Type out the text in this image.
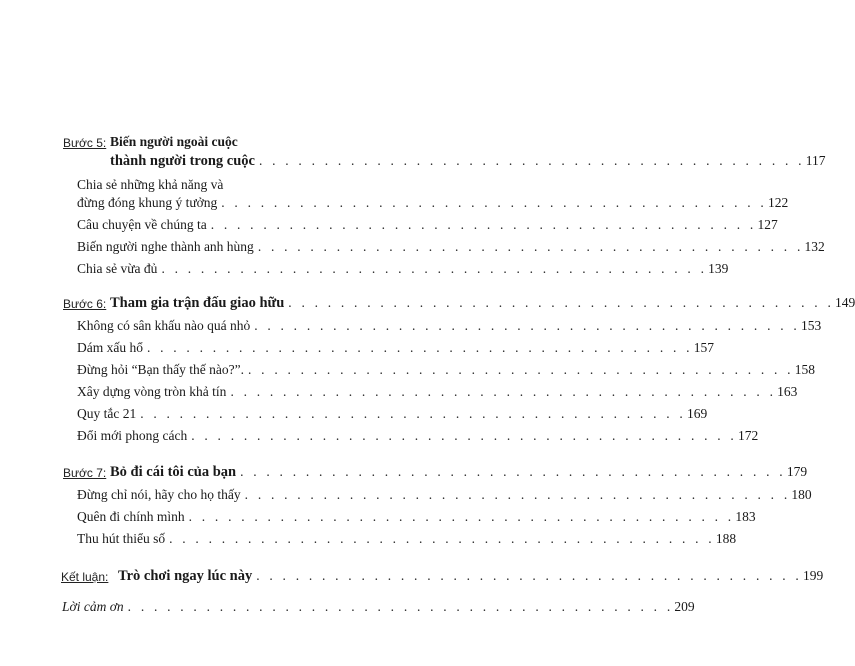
Bước 5: Biến người ngoài cuộc
thành người trong cuộc . . . . . . . . . . . . . . . . . . . . . . . . . . . . . . . . . . . . . . . . . . 117
Chia sẻ những khả năng và
đừng đóng khung ý tưởng . . . . . . . . . . . . . . . . . . . . . . . . . . . . . . . . . . . . . . . . . . 122
Câu chuyện về chúng ta . . . . . . . . . . . . . . . . . . . . . . . . . . . . . . . . . . . . . . . . . . 127
Biến người nghe thành anh hùng . . . . . . . . . . . . . . . . . . . . . . . . . . . . . . . . . . . . . . . . . . 132
Chia sẻ vừa đủ . . . . . . . . . . . . . . . . . . . . . . . . . . . . . . . . . . . . . . . . . . 139
Bước 6: Tham gia trận đấu giao hữu . . . . . . . . . . . . . . . . . . . . . . . . . . . . . . . . . . . . . . . . . . 149
Không có sân khấu nào quá nhỏ . . . . . . . . . . . . . . . . . . . . . . . . . . . . . . . . . . . . . . . . . . 153
Dám xấu hổ . . . . . . . . . . . . . . . . . . . . . . . . . . . . . . . . . . . . . . . . . . 157
Đừng hỏi “Bạn thấy thế nào?”. . . . . . . . . . . . . . . . . . . . . . . . . . . . . . . . . . . . . . . . . . . 158
Xây dựng vòng tròn khả tín . . . . . . . . . . . . . . . . . . . . . . . . . . . . . . . . . . . . . . . . . . 163
Quy tắc 21 . . . . . . . . . . . . . . . . . . . . . . . . . . . . . . . . . . . . . . . . . . 169
Đổi mới phong cách . . . . . . . . . . . . . . . . . . . . . . . . . . . . . . . . . . . . . . . . . . 172
Bước 7: Bỏ đi cái tôi của bạn . . . . . . . . . . . . . . . . . . . . . . . . . . . . . . . . . . . . . . . . . . 179
Đừng chỉ nói, hãy cho họ thấy . . . . . . . . . . . . . . . . . . . . . . . . . . . . . . . . . . . . . . . . . . 180
Quên đi chính mình . . . . . . . . . . . . . . . . . . . . . . . . . . . . . . . . . . . . . . . . . . 183
Thu hút thiểu số . . . . . . . . . . . . . . . . . . . . . . . . . . . . . . . . . . . . . . . . . . 188
Kết luận: Trò chơi ngay lúc này . . . . . . . . . . . . . . . . . . . . . . . . . . . . . . . . . . . . . . . . . . 199
Lời cảm ơn . . . . . . . . . . . . . . . . . . . . . . . . . . . . . . . . . . . . . . . . . . 209
